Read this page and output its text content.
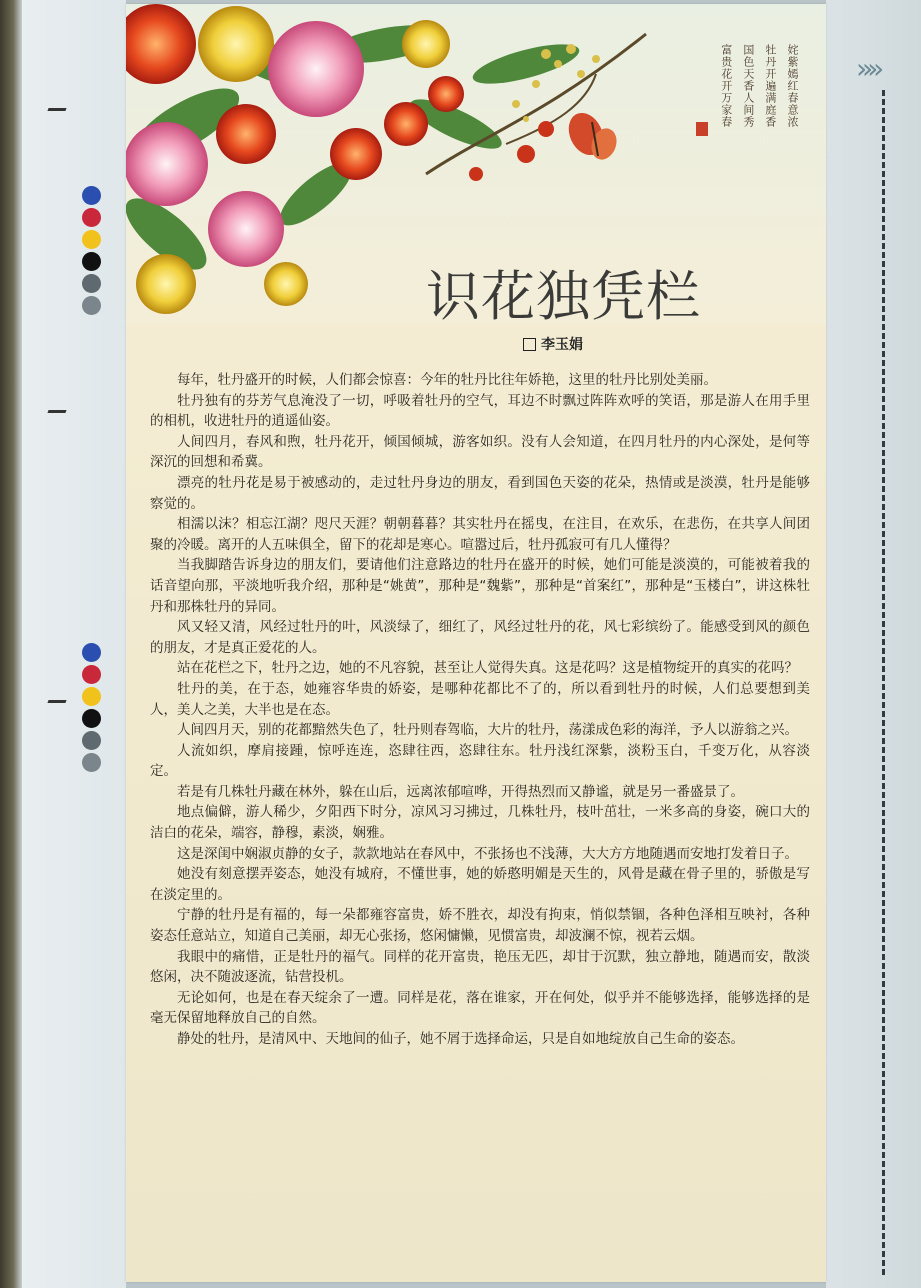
»»
姹紫嫣红春意浓
牡丹开遍满庭香
国色天香人间秀
富贵花开万家春
识花独凭栏
李玉娟

每年，牡丹盛开的时候，人们都会惊喜：今年的牡丹比往年娇艳，这里的牡丹比别处美丽。

牡丹独有的芬芳气息淹没了一切，呼吸着牡丹的空气，耳边不时飘过阵阵欢呼的笑语，那是游人在用手里的相机，收进牡丹的逍遥仙姿。

人间四月，春风和煦，牡丹花开，倾国倾城，游客如织。没有人会知道，在四月牡丹的内心深处，是何等深沉的回想和希冀。

漂亮的牡丹花是易于被感动的，走过牡丹身边的朋友，看到国色天姿的花朵，热情或是淡漠，牡丹是能够察觉的。

相濡以沫？相忘江湖？咫尺天涯？朝朝暮暮？其实牡丹在摇曳，在注目，在欢乐，在悲伤，在共享人间团聚的冷暖。离开的人五味俱全，留下的花却是寒心。喧嚣过后，牡丹孤寂可有几人懂得？

当我脚踏告诉身边的朋友们，要请他们注意路边的牡丹在盛开的时候，她们可能是淡漠的，可能被着我的话音望向那，平淡地听我介绍，那种是“姚黄”，那种是“魏紫”，那种是“首案红”，那种是“玉楼白”，讲这株牡丹和那株牡丹的异同。

风又轻又清，风经过牡丹的叶，风淡绿了，细红了，风经过牡丹的花，风七彩缤纷了。能感受到风的颜色的朋友，才是真正爱花的人。

站在花栏之下，牡丹之边，她的不凡容貌，甚至让人觉得失真。这是花吗？这是植物绽开的真实的花吗？

牡丹的美，在于态，她雍容华贵的娇姿，是哪种花都比不了的，所以看到牡丹的时候，人们总要想到美人，美人之美，大半也是在态。

人间四月天，别的花都黯然失色了，牡丹则春驾临，大片的牡丹，荡漾成色彩的海洋，予人以游翁之兴。

人流如织，摩肩接踵，惊呼连连，恣肆往西，恣肆往东。牡丹浅红深紫，淡粉玉白，千变万化，从容淡定。

若是有几株牡丹藏在林外，躲在山后，远离浓郁喧哗，开得热烈而又静谧，就是另一番盛景了。

地点偏僻，游人稀少，夕阳西下时分，凉风习习拂过，几株牡丹，枝叶茁壮，一米多高的身姿，碗口大的洁白的花朵，端容，静穆，素淡，娴雅。

这是深闺中娴淑贞静的女子，款款地站在春风中，不张扬也不浅薄，大大方方地随遇而安地打发着日子。

她没有刻意摆弄姿态，她没有城府，不懂世事，她的娇憨明媚是天生的，风骨是藏在骨子里的，骄傲是写在淡定里的。

宁静的牡丹是有福的，每一朵都雍容富贵，娇不胜衣，却没有拘束，悄似禁锢，各种色泽相互映衬，各种姿态任意站立，知道自己美丽，却无心张扬，悠闲慵懒，见惯富贵，却波澜不惊，视若云烟。

我眼中的痛惜，正是牡丹的福气。同样的花开富贵，艳压无匹，却甘于沉默，独立静地，随遇而安，散淡悠闲，决不随波逐流，钻营投机。

无论如何，也是在春天绽余了一遭。同样是花，落在谁家，开在何处，似乎并不能够选择，能够选择的是毫无保留地释放自己的自然。

静处的牡丹，是清风中、天地间的仙子，她不屑于选择命运，只是自如地绽放自己生命的姿态。
